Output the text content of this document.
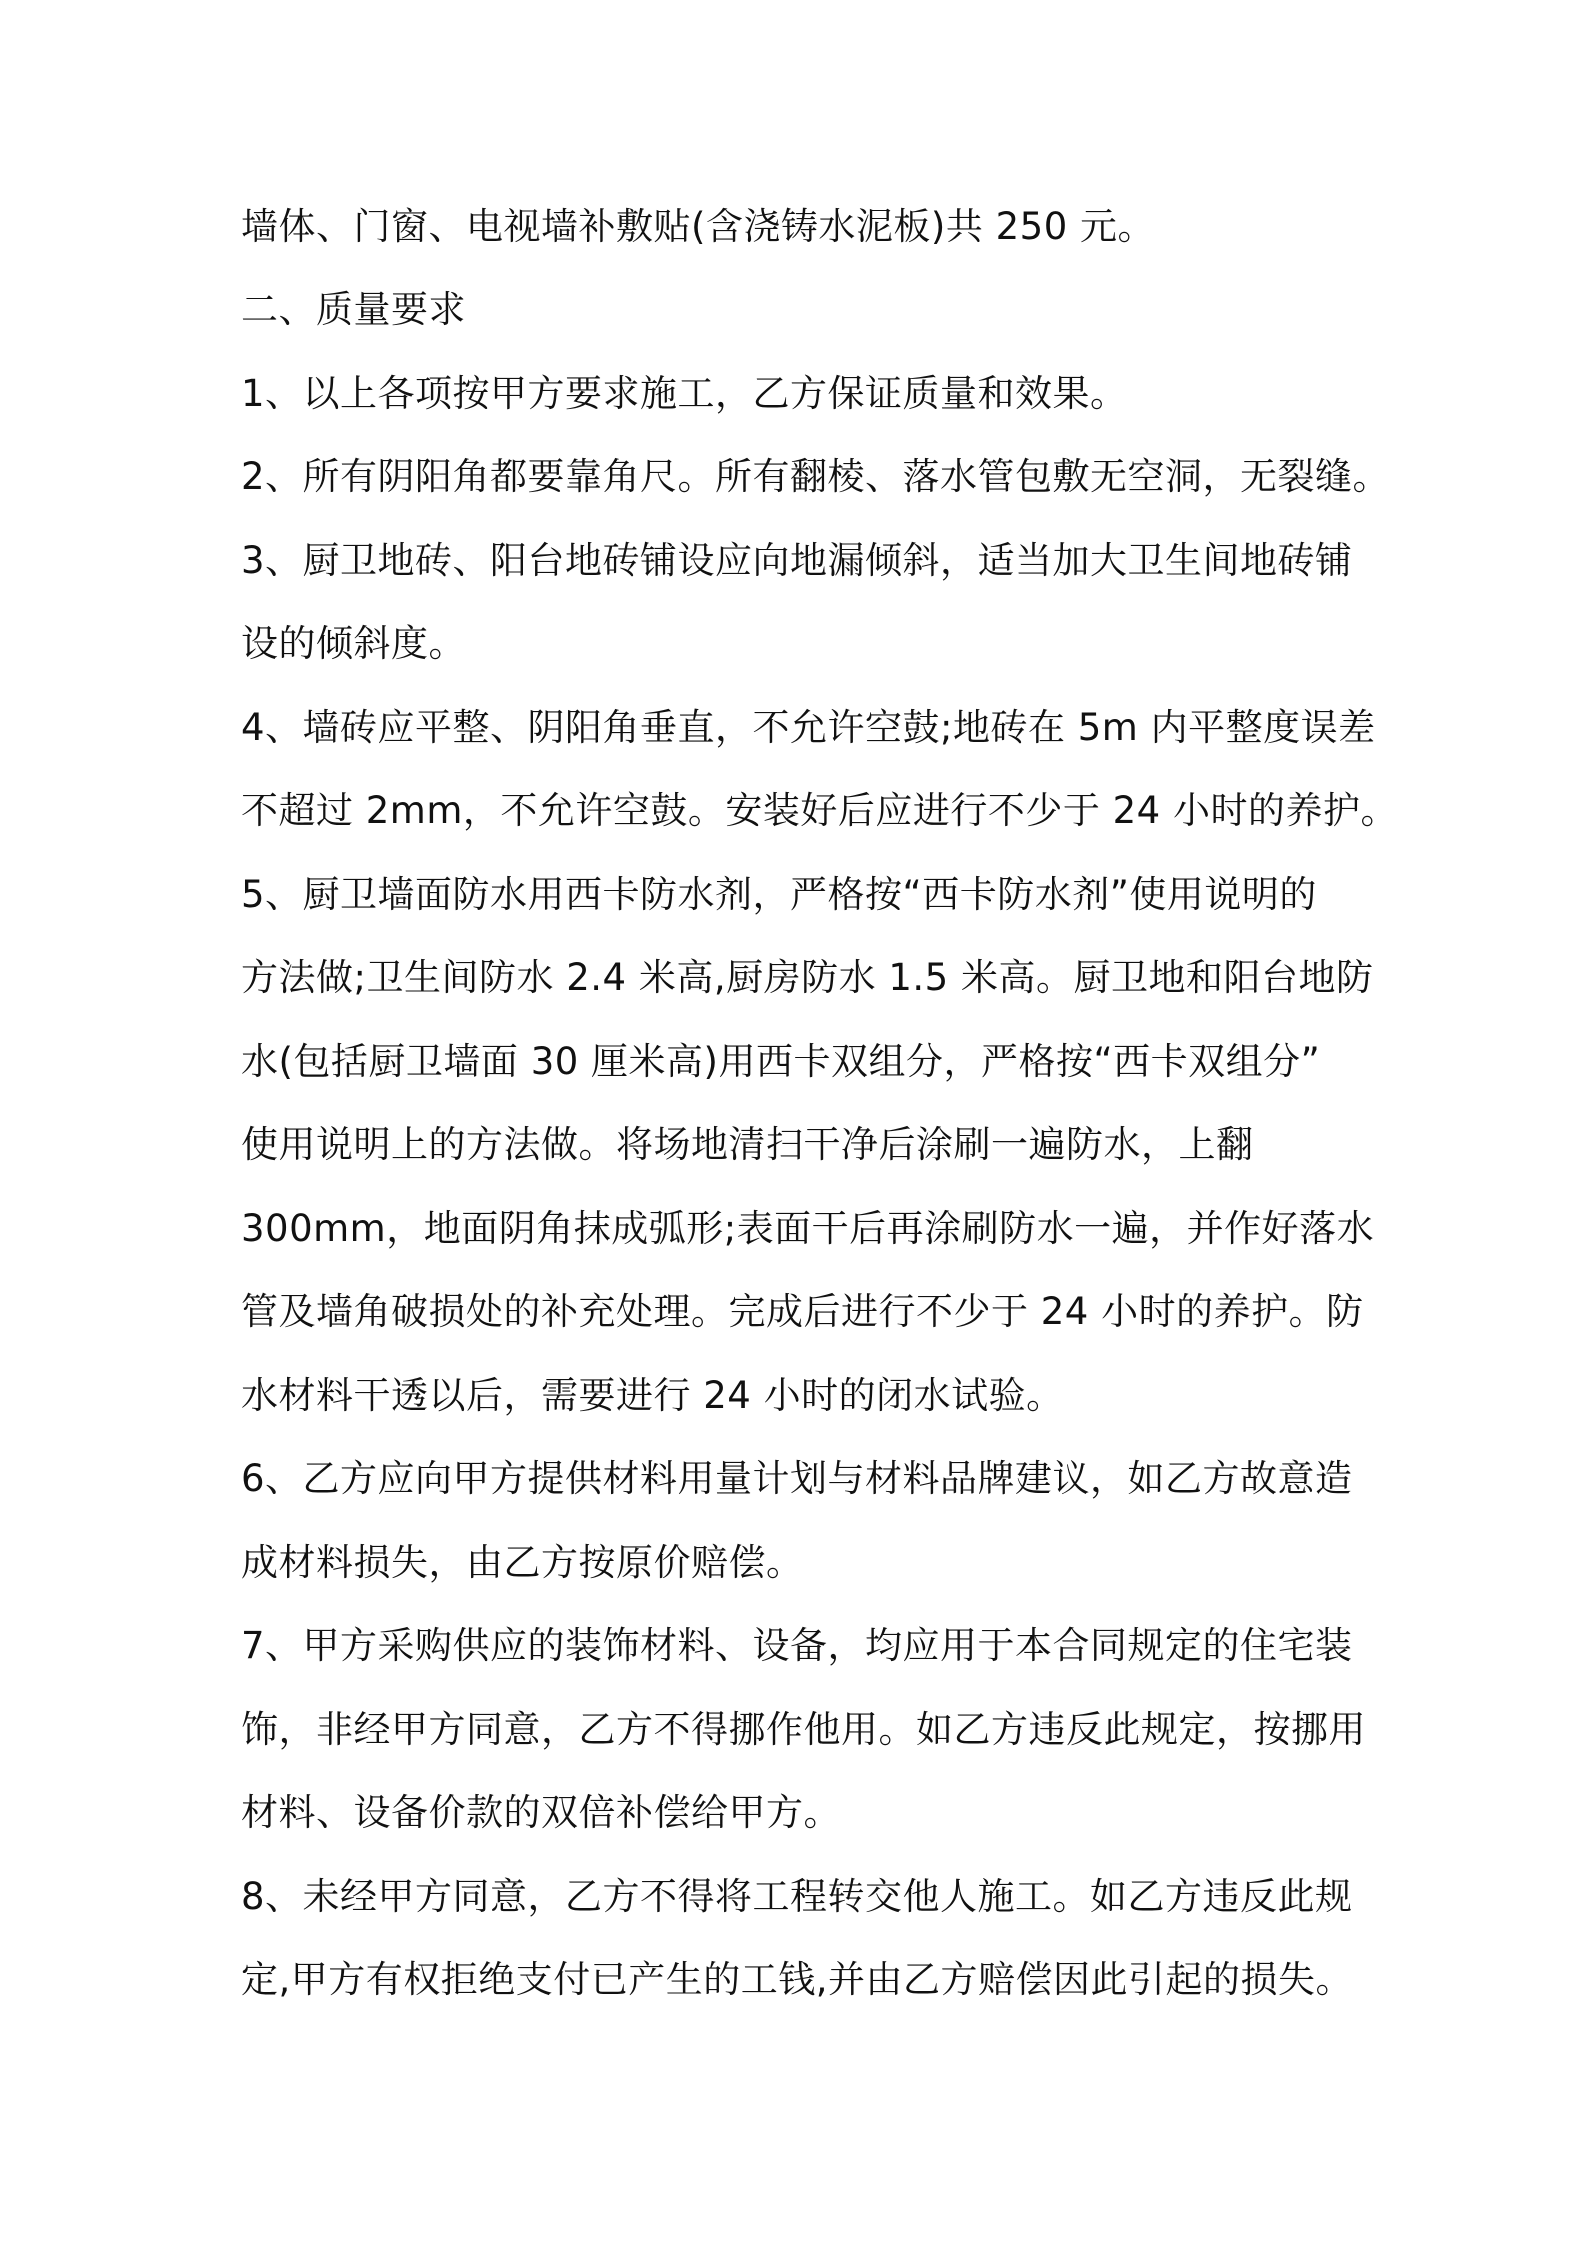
墙体、门窗、电视墙补敷贴(含浇铸水泥板)共 250 元。
二、质量要求
1、以上各项按甲方要求施工，乙方保证质量和效果。
2、所有阴阳角都要靠角尺。所有翻棱、落水管包敷无空洞，无裂缝。
3、厨卫地砖、阳台地砖铺设应向地漏倾斜，适当加大卫生间地砖铺
设的倾斜度。
4、墙砖应平整、阴阳角垂直，不允许空鼓;地砖在 5m 内平整度误差
不超过 2mm，不允许空鼓。安装好后应进行不少于 24 小时的养护。
5、厨卫墙面防水用西卡防水剂，严格按“西卡防水剂”使用说明的
方法做;卫生间防水 2.4 米高,厨房防水 1.5 米高。厨卫地和阳台地防
水(包括厨卫墙面 30 厘米高)用西卡双组分，严格按“西卡双组分”
使用说明上的方法做。将场地清扫干净后涂刷一遍防水，上翻
300mm，地面阴角抹成弧形;表面干后再涂刷防水一遍，并作好落水
管及墙角破损处的补充处理。完成后进行不少于 24 小时的养护。防
水材料干透以后，需要进行 24 小时的闭水试验。
6、乙方应向甲方提供材料用量计划与材料品牌建议，如乙方故意造
成材料损失，由乙方按原价赔偿。
7、甲方采购供应的装饰材料、设备，均应用于本合同规定的住宅装
饰，非经甲方同意，乙方不得挪作他用。如乙方违反此规定，按挪用
材料、设备价款的双倍补偿给甲方。
8、未经甲方同意，乙方不得将工程转交他人施工。如乙方违反此规
定,甲方有权拒绝支付已产生的工钱,并由乙方赔偿因此引起的损失。
